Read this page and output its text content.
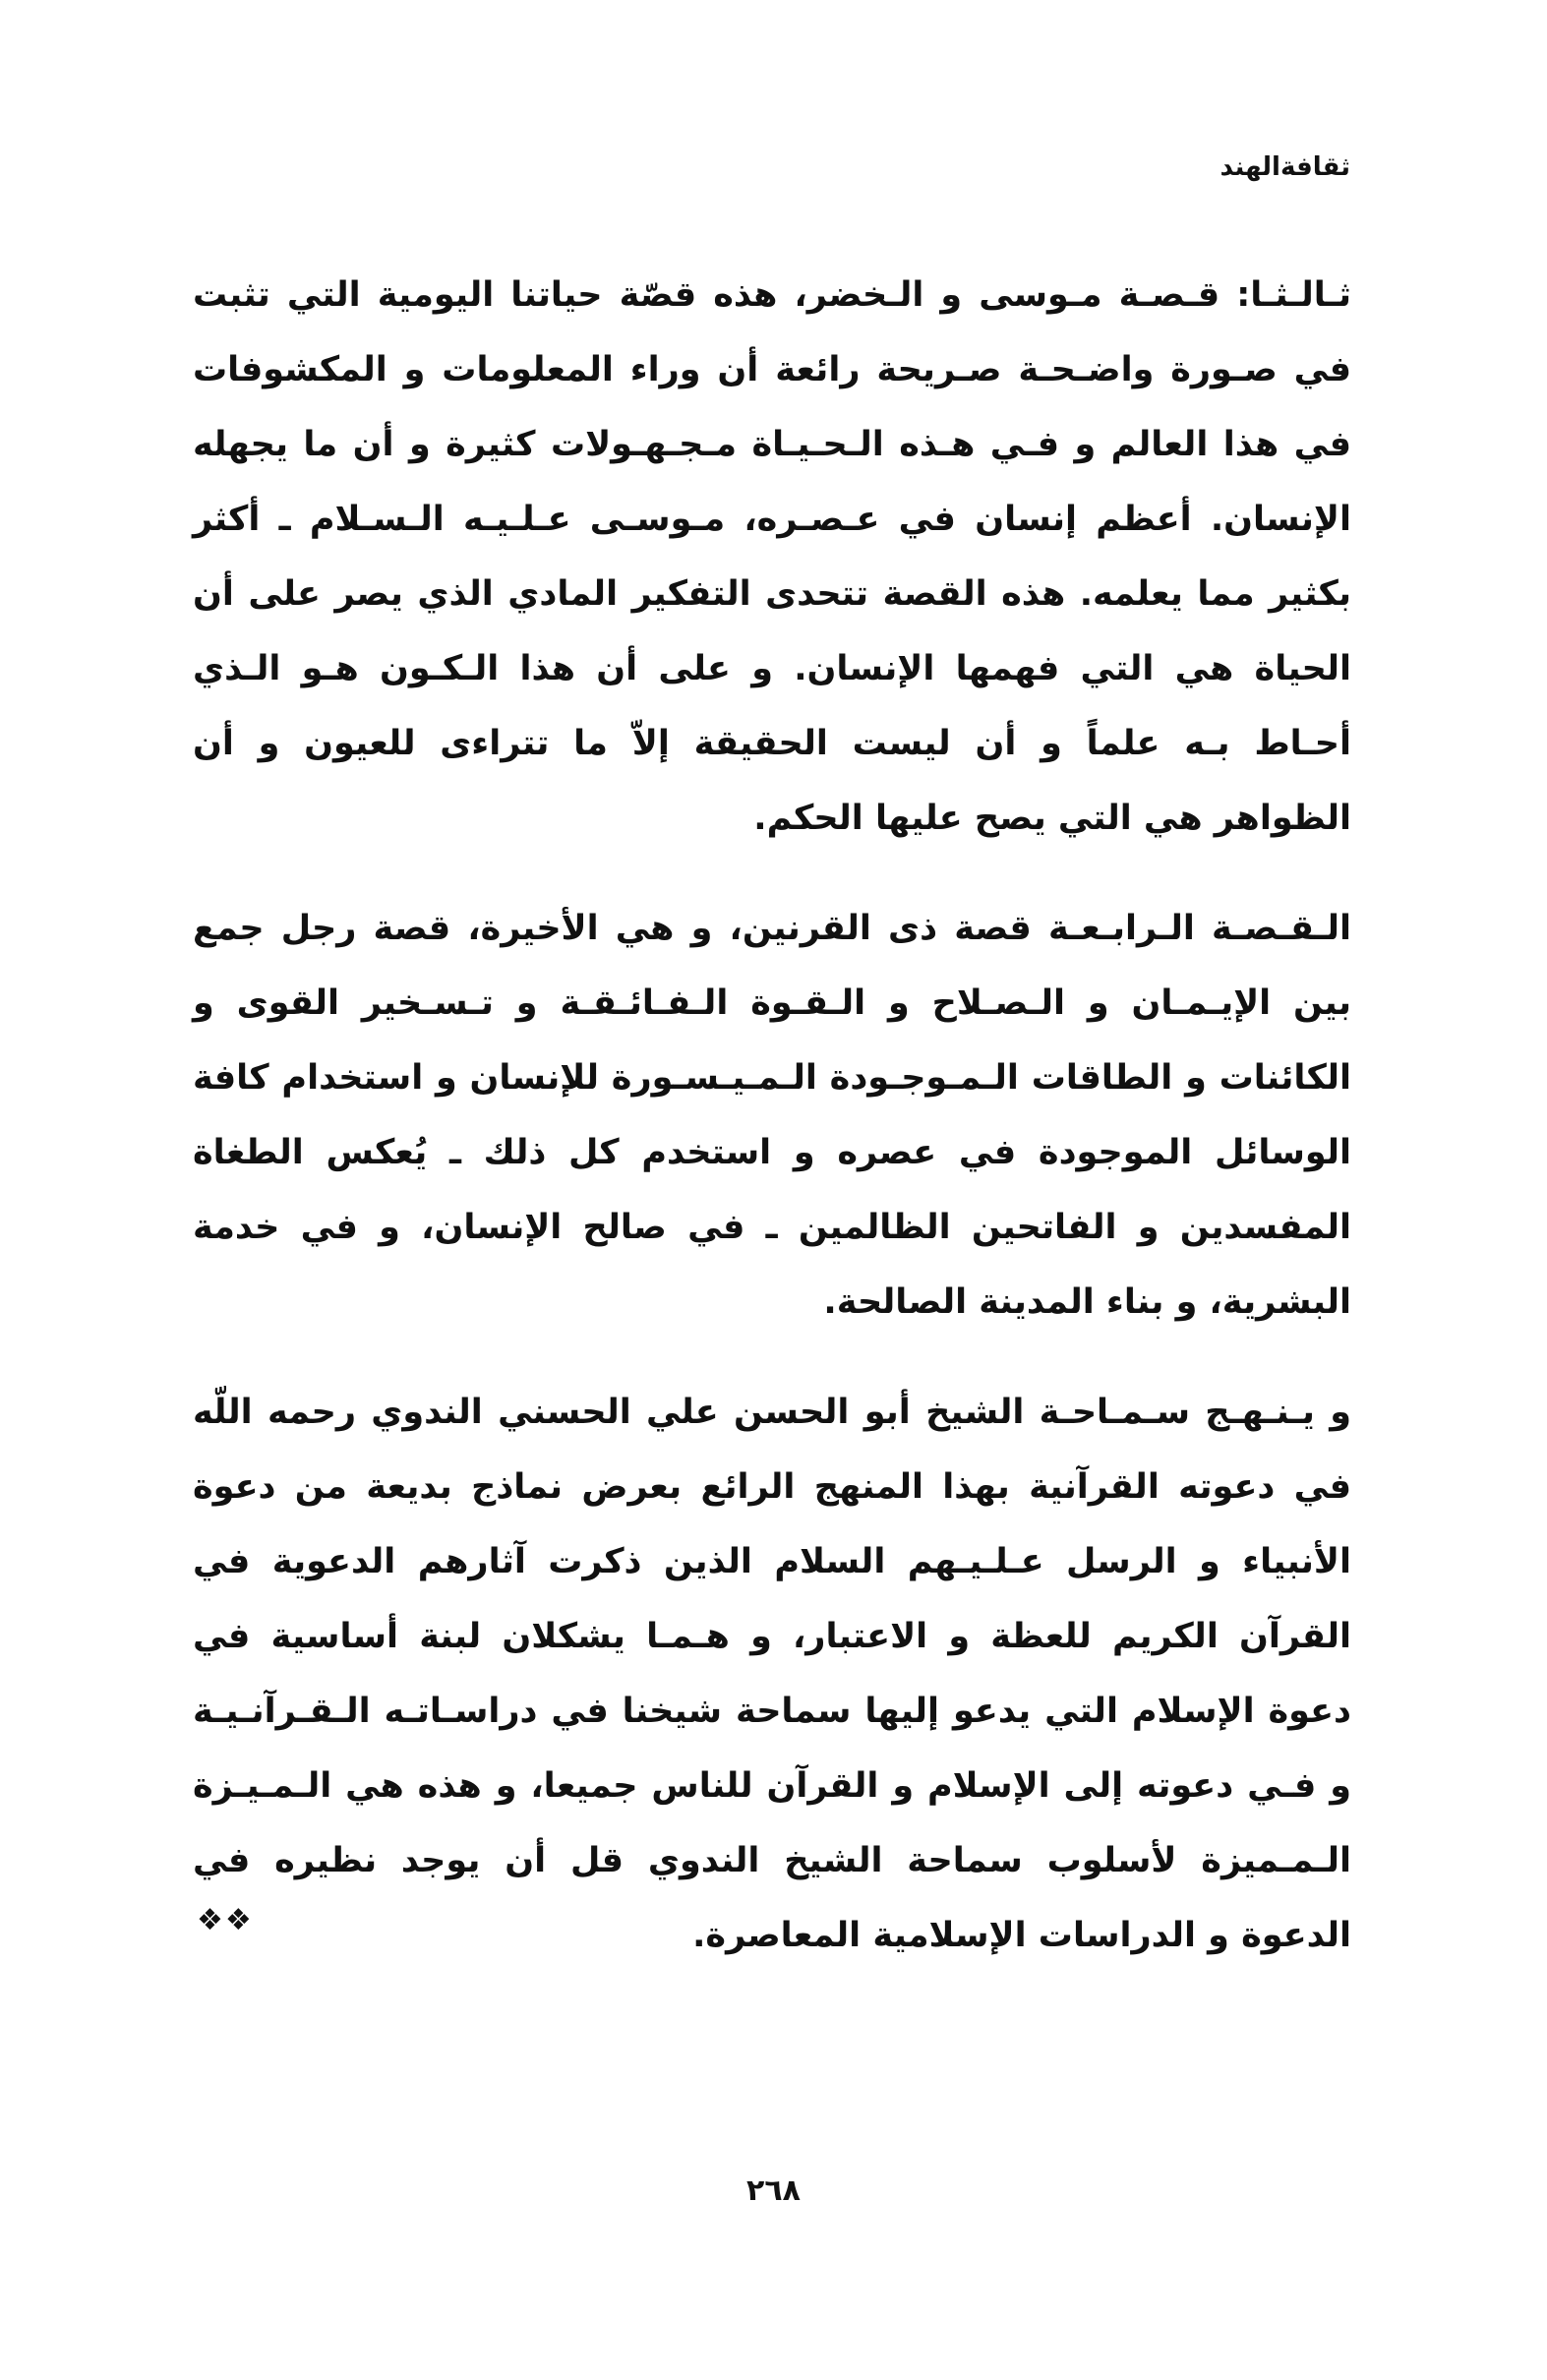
ثقافةالهند

ثـالـثـا: قـصـة مـوسى و الـخضر، هذه قصّة حياتنا اليومية التي تثبت في صـورة واضـحـة صـريحة رائعة أن وراء المعلومات و المكشوفات في هذا العالم و فـي هـذه الـحـيـاة مـجـهـولات كثيرة و أن ما يجهله الإنسان. أعظم إنسان في عـصـره، مـوسـى عـلـيـه الـسـلام ـ أكثر بكثير مما يعلمه. هذه القصة تتحدى التفكير المادي الذي يصر على أن الحياة هي التي فهمها الإنسان. و على أن هذا الـكـون هـو الـذي أحـاط بـه علماً و أن ليست الحقيقة إلاّ ما تتراءى للعيون و أن الظواهر هي التي يصح عليها الحكم.

الـقـصـة الـرابـعـة قصة ذى القرنين، و هي الأخيرة، قصة رجل جمع بين الإيـمـان و الـصـلاح و الـقـوة الـفـائـقـة و تـسـخير القوى و الكائنات و الطاقات الـمـوجـودة الـمـيـسـورة للإنسان و استخدام كافة الوسائل الموجودة في عصره و استخدم كل ذلك ـ يُعكس الطغاة المفسدين و الفاتحين الظالمين ـ في صالح الإنسان، و في خدمة البشرية، و بناء المدينة الصالحة.

و يـنـهـج سـمـاحـة الشيخ أبو الحسن علي الحسني الندوي رحمه اللّه في دعوته القرآنية بهذا المنهج الرائع بعرض نماذج بديعة من دعوة الأنبياء و الرسل عـلـيـهم السلام الذين ذكرت آثارهم الدعوية في القرآن الكريم للعظة و الاعتبار، و هـمـا يشكلان لبنة أساسية في دعوة الإسلام التي يدعو إليها سماحة شيخنا في دراسـاتـه الـقـرآنـيـة و فـي دعوته إلى الإسلام و القرآن للناس جميعا، و هذه هي الـمـيـزة الـمـميزة لأسلوب سماحة الشيخ الندوي قل أن يوجد نظيره في الدعوة و الدراسات الإسلامية المعاصرة.

❖❖
٢٦٨
